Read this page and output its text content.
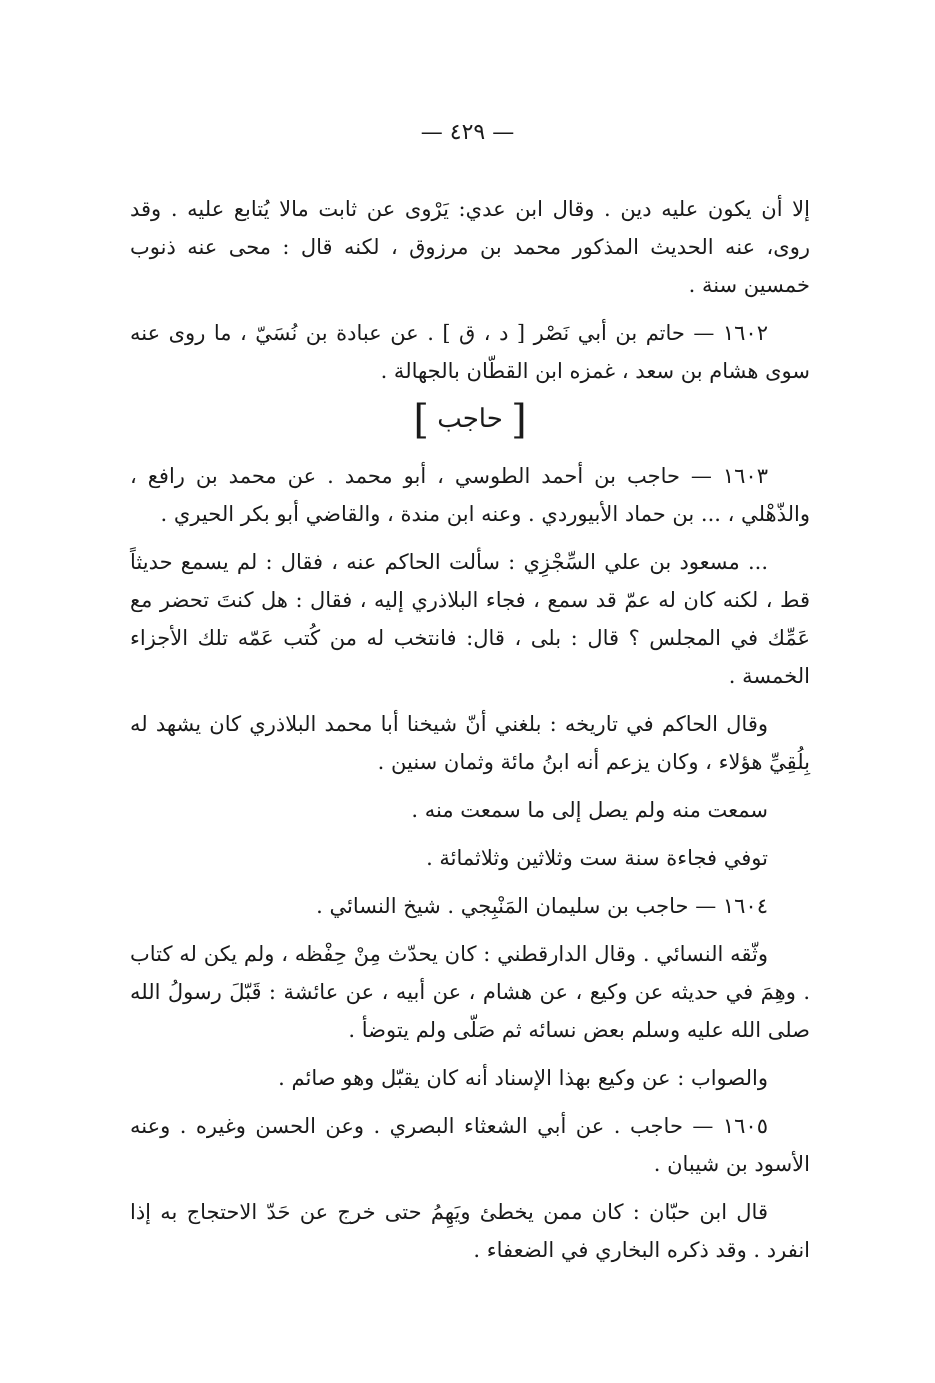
— ٤٢٩ —

إلا أن يكون عليه دين . وقال ابن عدي: يَرْوى عن ثابت مالا يُتابع عليه . وقد روى، عنه الحديث المذكور محمد بن مرزوق ، لكنه قال : محى عنه ذنوب خمسين سنة .

١٦٠٢ — حاتم بن أبي نَصْر [ د ، ق ] . عن عبادة بن نُسَيّ ، ما روى عنه سوى هشام بن سعد ، غمزه ابن القطّان بالجهالة .

[ حاجب ]

١٦٠٣ — حاجب بن أحمد الطوسي ، أبو محمد . عن محمد بن رافع ، والذّهْلي ، ... بن حماد الأبيوردي . وعنه ابن مندة ، والقاضي أبو بكر الحيري .

... مسعود بن علي السِّجْزِي : سألت الحاكم عنه ، فقال : لم يسمع حديثاً قط ، لكنه كان له عمّ قد سمع ، فجاء البلاذري إليه ، فقال : هل كنتَ تحضر مع عَمِّك في المجلس ؟ قال : بلى ، قال: فانتخب له من كُتب عَمّه تلك الأجزاء الخمسة .

وقال الحاكم في تاريخه : بلغني أنّ شيخنا أبا محمد البلاذري كان يشهد له بِلُقِيِّ هؤلاء ، وكان يزعم أنه ابنُ مائة وثمان سنين .

سمعت منه ولم يصل إلى ما سمعت منه .

توفي فجاءة سنة ست وثلاثين وثلاثمائة .

١٦٠٤ — حاجب بن سليمان المَنْبِجي . شيخ النسائي .

وثّقه النسائي . وقال الدارقطني : كان يحدّث مِنْ حِفْظه ، ولم يكن له كتاب . وهِمَ في حديثه عن وكيع ، عن هشام ، عن أبيه ، عن عائشة : قَبّلَ رسولُ الله صلى الله عليه وسلم بعض نسائه ثم صَلّى ولم يتوضأ .

والصواب : عن وكيع بهذا الإسناد أنه كان يقبّل وهو صائم .

١٦٠٥ — حاجب . عن أبي الشعثاء البصري . وعن الحسن وغيره . وعنه الأسود بن شيبان .

قال ابن حبّان : كان ممن يخطئ ويَهِمُ حتى خرج عن حَدّ الاحتجاج به إذا انفرد . وقد ذكره البخاري في الضعفاء .
